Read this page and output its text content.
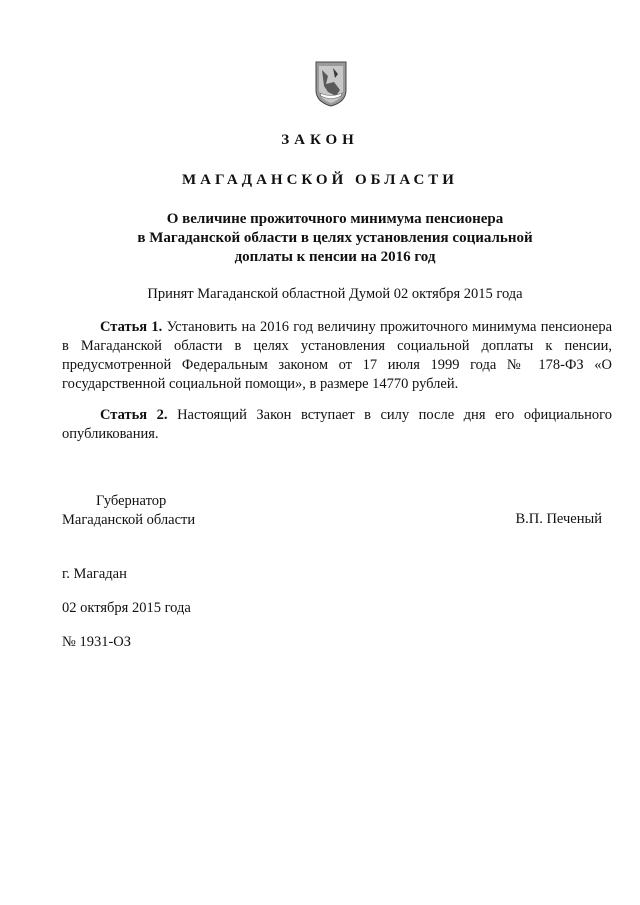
ЗАКОН
МАГАДАНСКОЙ ОБЛАСТИ
О величине прожиточного минимума пенсионера
в Магаданской области в целях установления социальной
доплаты к пенсии на 2016 год
Принят Магаданской областной Думой 02 октября 2015 года
Статья 1. Установить на 2016 год величину прожиточного минимума пенсионера в Магаданской области в целях установления социальной доплаты к пенсии, предусмотренной Федеральным законом от 17 июля 1999 года № 178-ФЗ «О государственной социальной помощи», в размере 14770 рублей.
Статья 2. Настоящий Закон вступает в силу после дня его официального опубликования.
Губернатор
Магаданской области	В.П. Печеный
г. Магадан
02 октября 2015 года
№ 1931-ОЗ
